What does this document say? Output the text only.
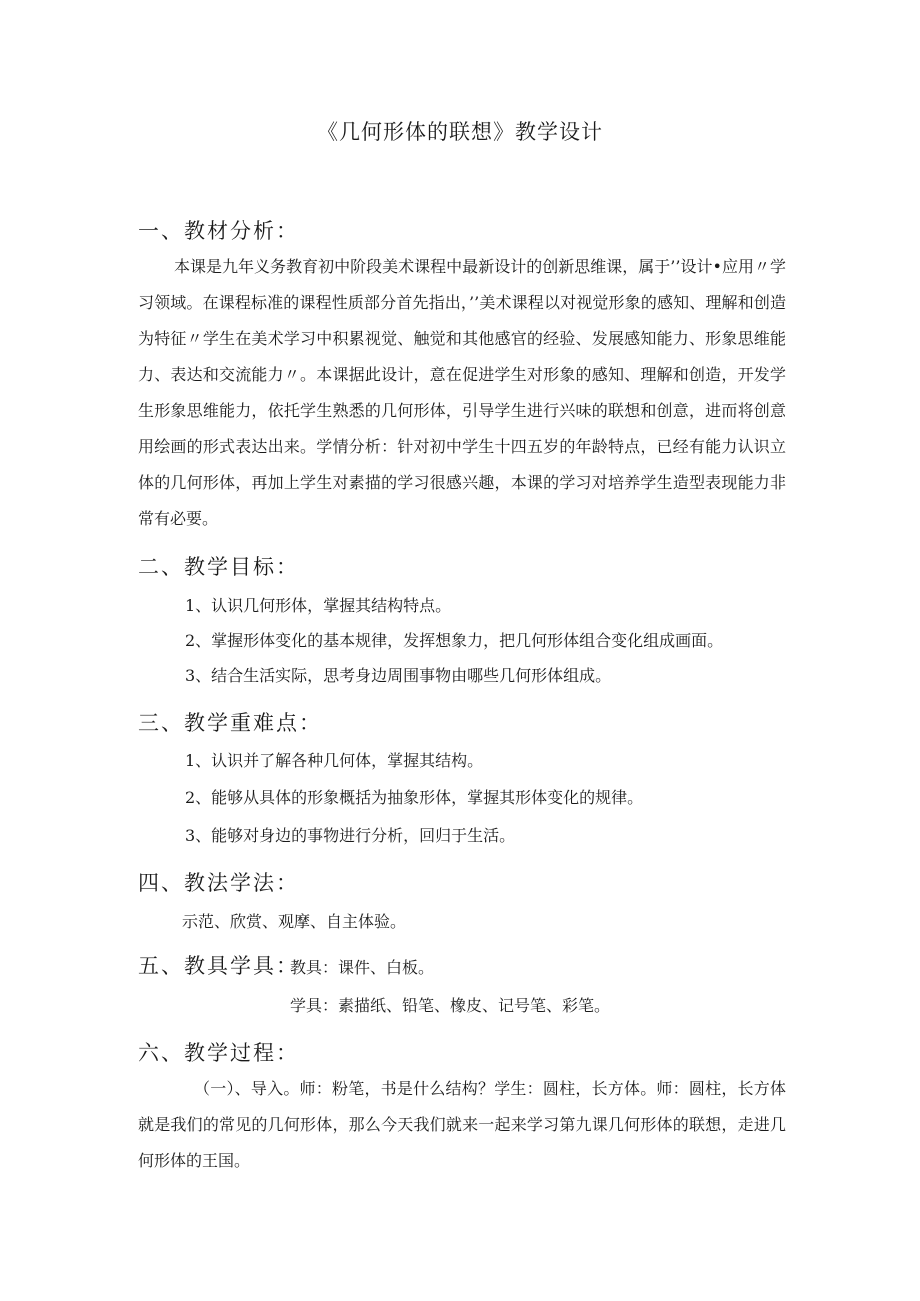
《几何形体的联想》教学设计
一、教材分析：

本课是九年义务教育初中阶段美术课程中最新设计的创新思维课，属于’’设计•应用〃学习领域。在课程标准的课程性质部分首先指出，’’美术课程以对视觉形象的感知、理解和创造为特征〃学生在美术学习中积累视觉、触觉和其他感官的经验、发展感知能力、形象思维能力、表达和交流能力〃。本课据此设计，意在促进学生对形象的感知、理解和创造，开发学生形象思维能力，依托学生熟悉的几何形体，引导学生进行兴味的联想和创意，进而将创意用绘画的形式表达出来。学情分析：针对初中学生十四五岁的年龄特点，已经有能力认识立体的几何形体，再加上学生对素描的学习很感兴趣，本课的学习对培养学生造型表现能力非常有必要。

二、教学目标：
1、认识几何形体，掌握其结构特点。
2、掌握形体变化的基本规律，发挥想象力，把几何形体组合变化组成画面。
3、结合生活实际，思考身边周围事物由哪些几何形体组成。
三、教学重难点：
1、认识并了解各种几何体，掌握其结构。
2、能够从具体的形象概括为抽象形体，掌握其形体变化的规律。
3、能够对身边的事物进行分析，回归于生活。
四、教法学法：
示范、欣赏、观摩、自主体验。
五、教具学具：
教具：课件、白板。
学具：素描纸、铅笔、橡皮、记号笔、彩笔。
六、教学过程：

（一）、导入。师：粉笔，书是什么结构？学生：圆柱，长方体。师：圆柱，长方体就是我们的常见的几何形体，那么今天我们就来一起来学习第九课几何形体的联想，走进几何形体的王国。
